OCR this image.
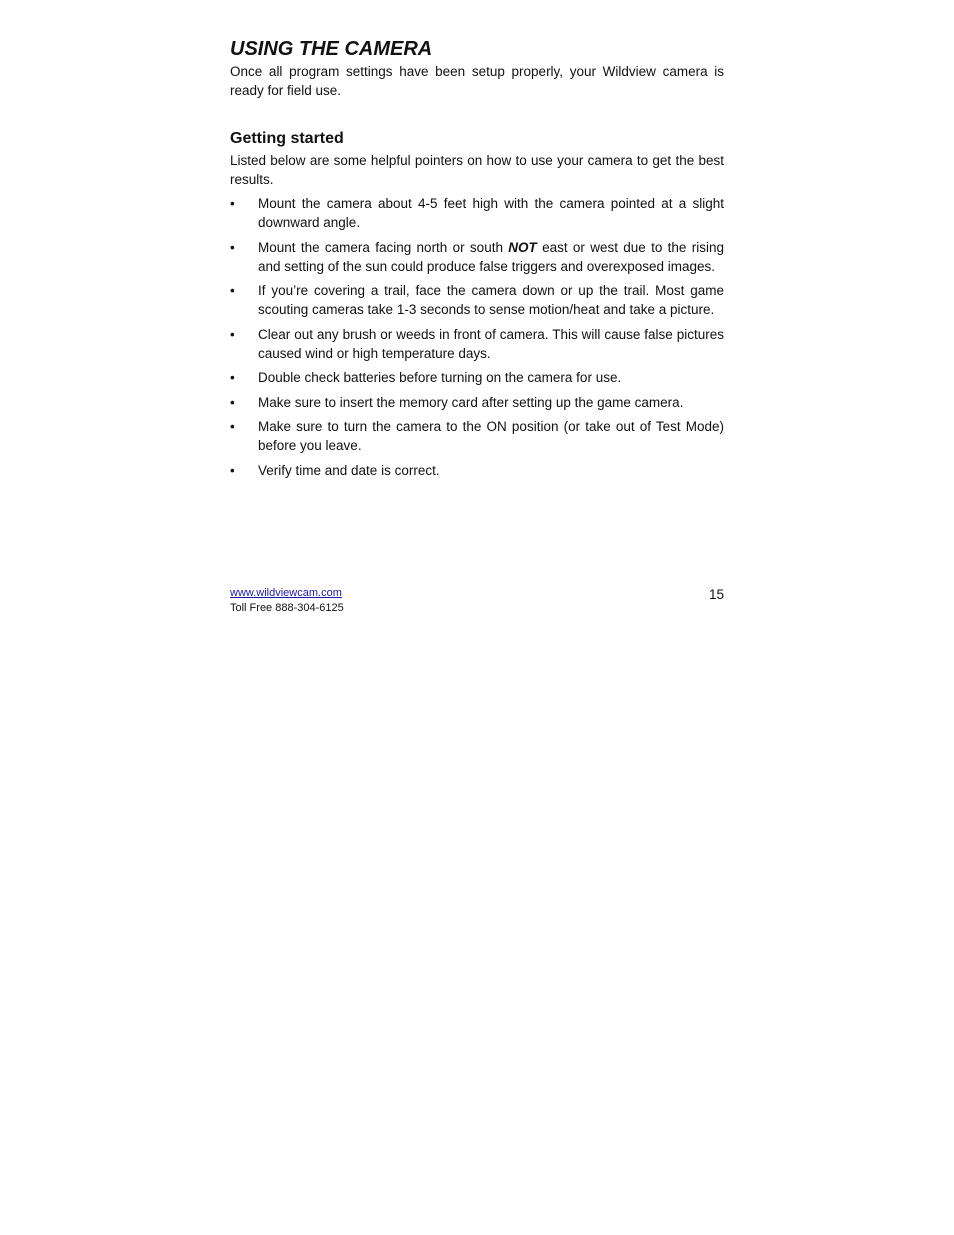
USING THE CAMERA

Once all program settings have been setup properly, your Wildview camera is ready for field use.

Getting started

Listed below are some helpful pointers on how to use your camera to get the best results.

•	Mount the camera about 4-5 feet high with the camera pointed at a slight downward angle.
•	Mount the camera facing north or south NOT east or west due to the rising and setting of the sun could produce false triggers and overexposed images.
•	If you’re covering a trail, face the camera down or up the trail. Most game scouting cameras take 1-3 seconds to sense motion/heat and take a picture.
•	Clear out any brush or weeds in front of camera. This will cause false pictures caused wind or high temperature days.
•	Double check batteries before turning on the camera for use.
•	Make sure to insert the memory card after setting up the game camera.
•	Make sure to turn the camera to the ON position (or take out of Test Mode) before you leave.
•	Verify time and date is correct.
www.wildviewcam.com
Toll Free 888-304-6125
15
